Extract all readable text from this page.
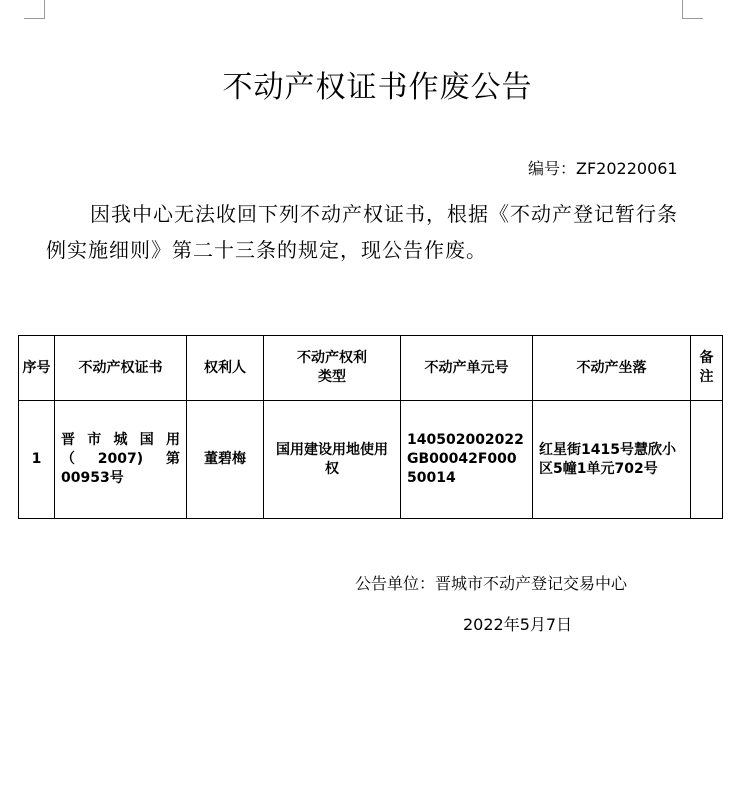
不动产权证书作废公告
编号：ZF20220061
因我中心无法收回下列不动产权证书，根据《不动产登记暂行条例实施细则》第二十三条的规定，现公告作废。
序号	不动产权证书	权利人	不动产权利类型	不动产单元号	不动产坐落	备注
1	晋市城国用（2007)第00953号	董碧梅	国用建设用地使用权	140502002022GB00042F00050014	红星街1415号慧欣小区5幢1单元702号	
公告单位：晋城市不动产登记交易中心
2022年5月7日
